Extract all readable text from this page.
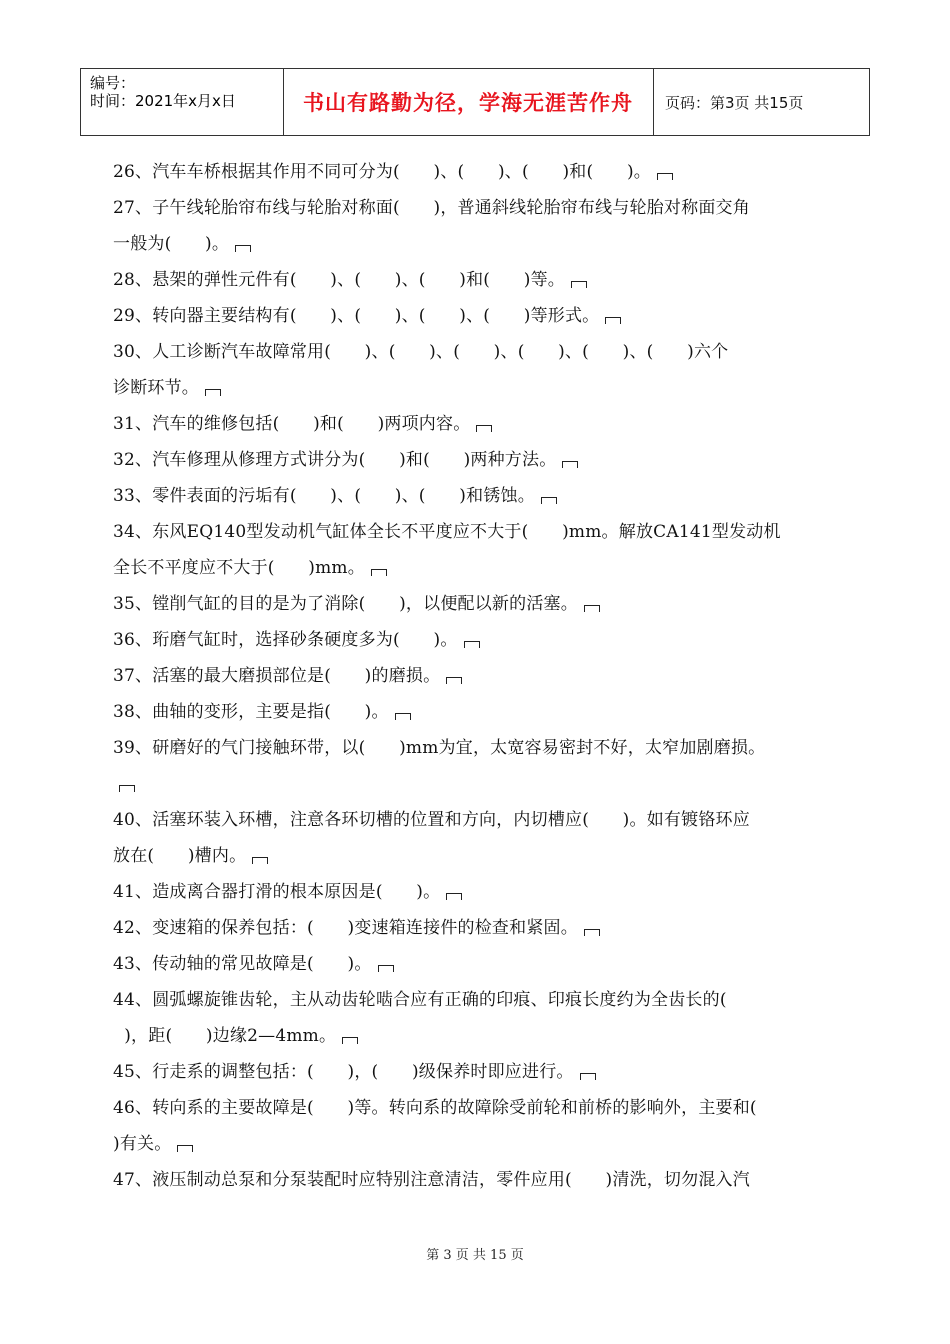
编号：
时间：2021年x月x日	书山有路勤为径，学海无涯苦作舟	页码：第3页 共15页
26、汽车车桥根据其作用不同可分为(      )、(      )、(      )和(      )。
27、子午线轮胎帘布线与轮胎对称面(      )，普通斜线轮胎帘布线与轮胎对称面交角
一般为(      )。
28、悬架的弹性元件有(      )、(      )、(      )和(      )等。
29、转向器主要结构有(      )、(      )、(      )、(      )等形式。
30、人工诊断汽车故障常用(      )、(      )、(      )、(      )、(      )、(      )六个
诊断环节。
31、汽车的维修包括(      )和(      )两项内容。
32、汽车修理从修理方式讲分为(      )和(      )两种方法。
33、零件表面的污垢有(      )、(      )、(      )和锈蚀。
34、东风EQ140型发动机气缸体全长不平度应不大于(      )mm。解放CA141型发动机
全长不平度应不大于(      )mm。
35、镗削气缸的目的是为了消除(      )，以便配以新的活塞。
36、珩磨气缸时，选择砂条硬度多为(      )。
37、活塞的最大磨损部位是(      )的磨损。
38、曲轴的变形，主要是指(      )。
39、研磨好的气门接触环带，以(      )mm为宜，太宽容易密封不好，太窄加剧磨损。
40、活塞环装入环槽，注意各环切槽的位置和方向，内切槽应(      )。如有镀铬环应
放在(      )槽内。
41、造成离合器打滑的根本原因是(      )。
42、变速箱的保养包括：(      )变速箱连接件的检查和紧固。
43、传动轴的常见故障是(      )。
44、圆弧螺旋锥齿轮，主从动齿轮啮合应有正确的印痕、印痕长度约为全齿长的(
)，距(      )边缘2—4mm。
45、行走系的调整包括：(      )，(      )级保养时即应进行。
46、转向系的主要故障是(      )等。转向系的故障除受前轮和前桥的影响外，主要和(
)有关。
47、液压制动总泵和分泵装配时应特别注意清洁，零件应用(      )清洗，切勿混入汽
第 3 页 共 15 页
